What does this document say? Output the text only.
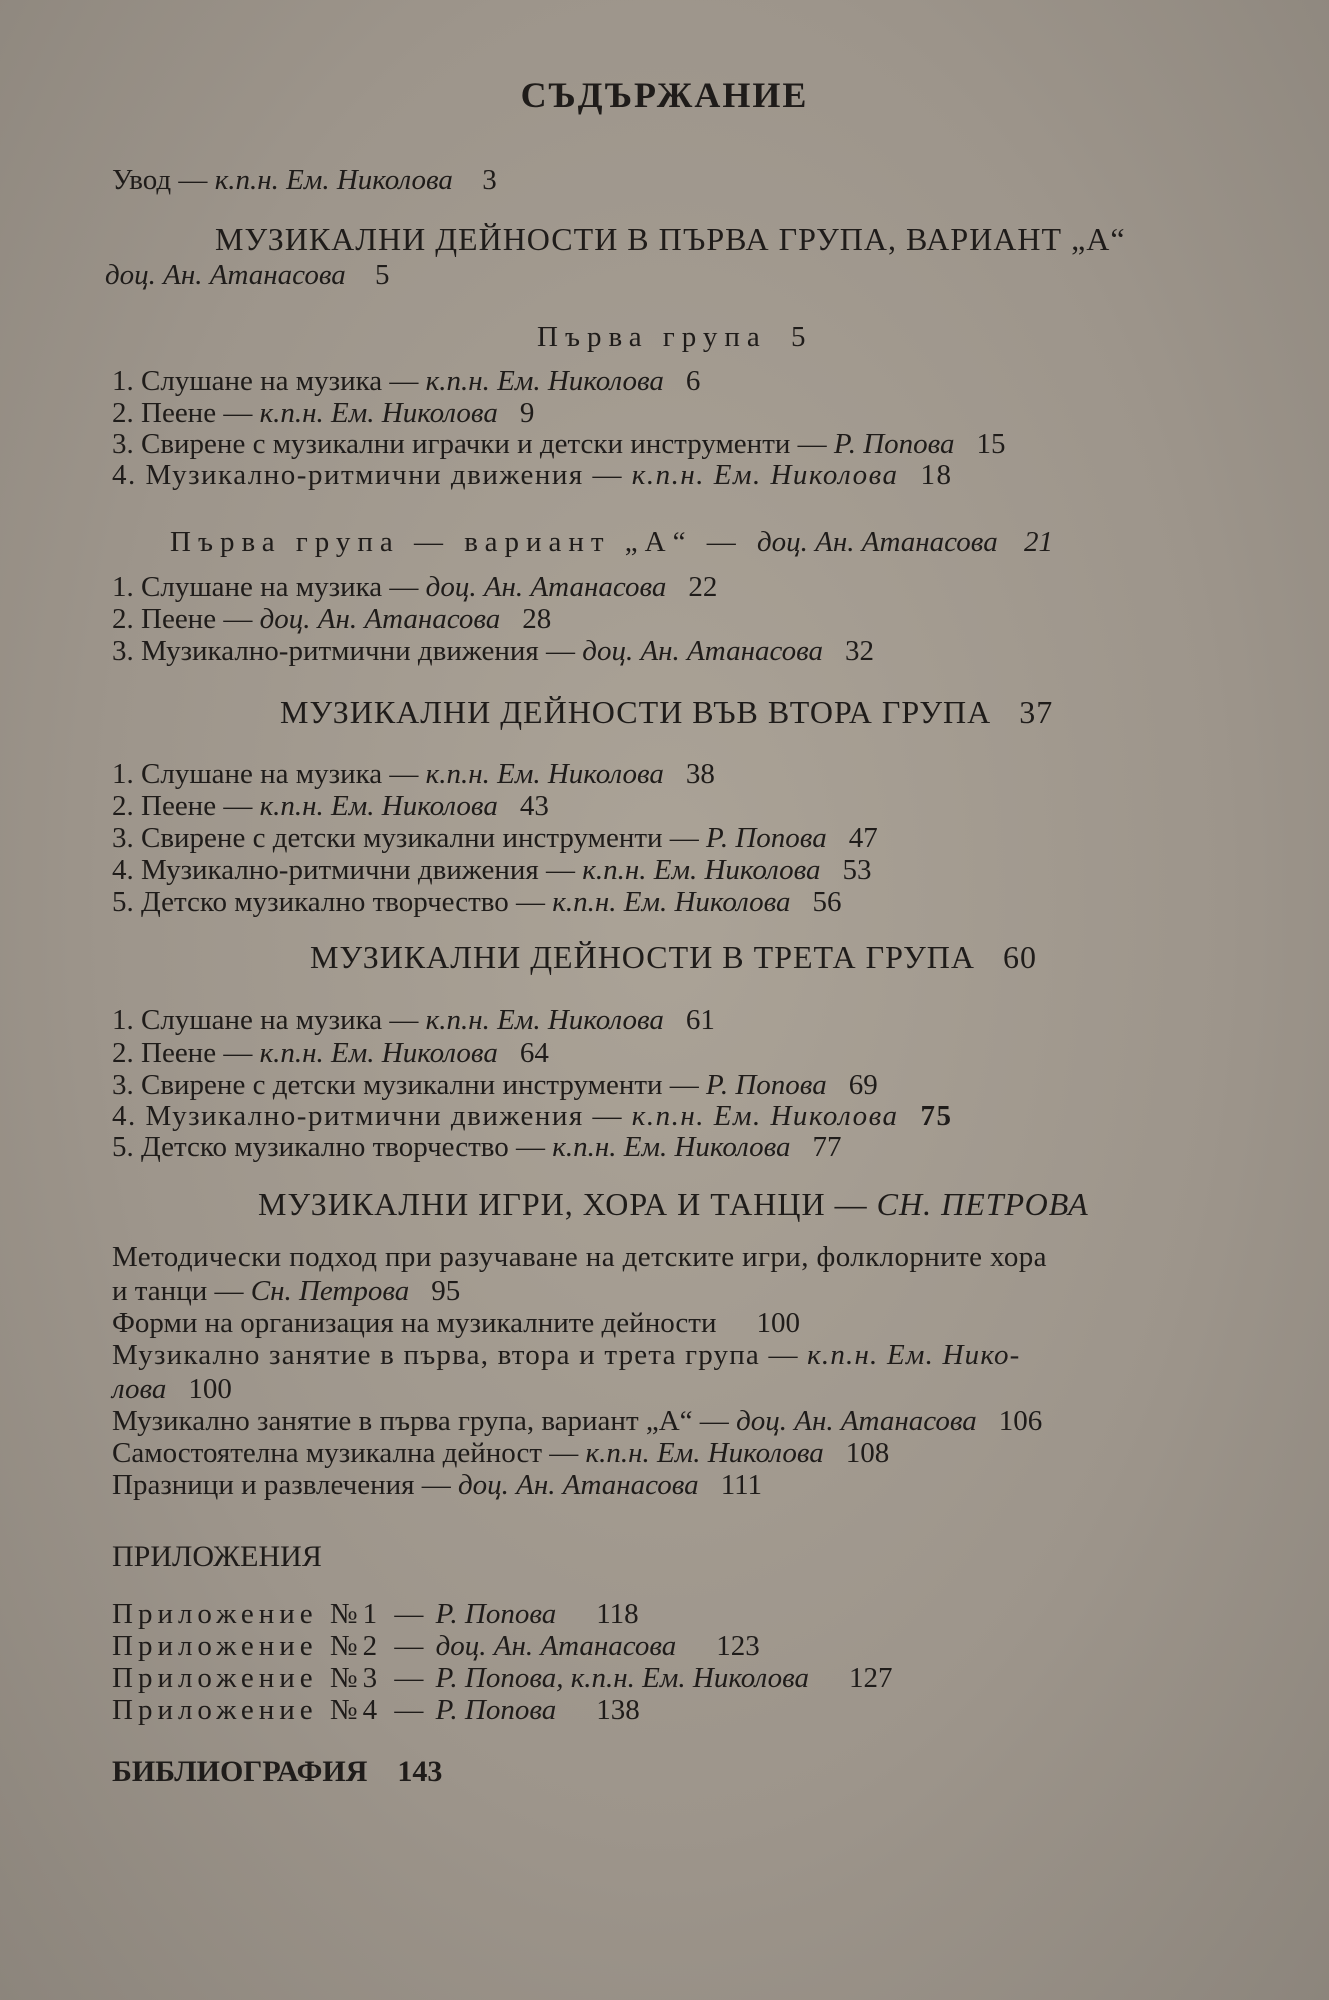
СЪДЪРЖАНИЕ
Увод — к.п.н. Ем. Николова 3
МУЗИКАЛНИ ДЕЙНОСТИ В ПЪРВА ГРУПА, ВАРИАНТ „А“
доц. Ан. Атанасова 5
Първа група 5
1. Слушане на музика — к.п.н. Ем. Николова 6
2. Пеене — к.п.н. Ем. Николова 9
3. Свирене с музикални играчки и детски инструменти — Р. Попова 15
4. Музикално-ритмични движения — к.п.н. Ем. Николова 18
Първа група — вариант „А“ — доц. Ан. Атанасова 21
1. Слушане на музика — доц. Ан. Атанасова 22
2. Пеене — доц. Ан. Атанасова 28
3. Музикално-ритмични движения — доц. Ан. Атанасова 32
МУЗИКАЛНИ ДЕЙНОСТИ ВЪВ ВТОРА ГРУПА 37
1. Слушане на музика — к.п.н. Ем. Николова 38
2. Пеене — к.п.н. Ем. Николова 43
3. Свирене с детски музикални инструменти — Р. Попова 47
4. Музикално-ритмични движения — к.п.н. Ем. Николова 53
5. Детско музикално творчество — к.п.н. Ем. Николова 56
МУЗИКАЛНИ ДЕЙНОСТИ В ТРЕТА ГРУПА 60
1. Слушане на музика — к.п.н. Ем. Николова 61
2. Пеене — к.п.н. Ем. Николова 64
3. Свирене с детски музикални инструменти — Р. Попова 69
4. Музикално-ритмични движения — к.п.н. Ем. Николова 75
5. Детско музикално творчество — к.п.н. Ем. Николова 77
МУЗИКАЛНИ ИГРИ, ХОРА И ТАНЦИ — СН. ПЕТРОВА
Методически подход при разучаване на детските игри, фолклорните хора
и танци — Сн. Петрова 95
Форми на организация на музикалните дейности 100
Музикално занятие в първа, втора и трета група — к.п.н. Ем. Нико-
лова 100
Музикално занятие в първа група, вариант „А“ — доц. Ан. Атанасова 106
Самостоятелна музикална дейност — к.п.н. Ем. Николова 108
Празници и развлечения — доц. Ан. Атанасова 111
ПРИЛОЖЕНИЯ
Приложение №1 — Р. Попова 118
Приложение №2 — доц. Ан. Атанасова 123
Приложение №3 — Р. Попова, к.п.н. Ем. Николова 127
Приложение №4 — Р. Попова 138
БИБЛИОГРАФИЯ 143
